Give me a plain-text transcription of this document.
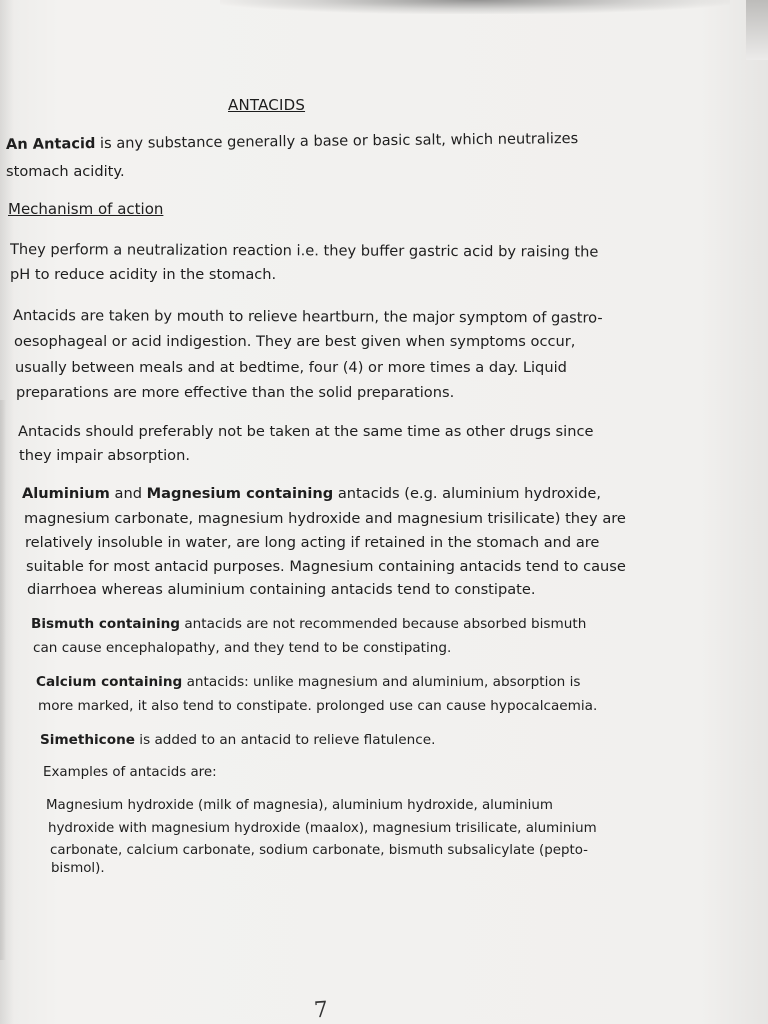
ANTACIDS
An Antacid is any substance generally a base or basic salt, which neutralizes
stomach acidity.
Mechanism of action
They perform a neutralization reaction i.e. they buffer gastric acid by raising the
pH to reduce acidity in the stomach.
Antacids are taken by mouth to relieve heartburn, the major symptom of gastro-
oesophageal or acid indigestion. They are best given when symptoms occur,
usually between meals and at bedtime, four (4) or more times a day. Liquid
preparations are more effective than the solid preparations.
Antacids should preferably not be taken at the same time as other drugs since
they impair absorption.
Aluminium and Magnesium containing antacids (e.g. aluminium hydroxide,
magnesium carbonate, magnesium hydroxide and magnesium trisilicate) they are
relatively insoluble in water, are long acting if retained in the stomach and are
suitable for most antacid purposes. Magnesium containing antacids tend to cause
diarrhoea whereas aluminium containing antacids tend to constipate.
Bismuth containing antacids are not recommended because absorbed bismuth
can cause encephalopathy, and they tend to be constipating.
Calcium containing antacids: unlike magnesium and aluminium, absorption is
more marked, it also tend to constipate. prolonged use can cause hypocalcaemia.
Simethicone is added to an antacid to relieve flatulence.
Examples of antacids are:
Magnesium hydroxide (milk of magnesia), aluminium hydroxide, aluminium
hydroxide with magnesium hydroxide (maalox), magnesium trisilicate, aluminium
carbonate, calcium carbonate, sodium carbonate, bismuth subsalicylate (pepto-
bismol).
7
